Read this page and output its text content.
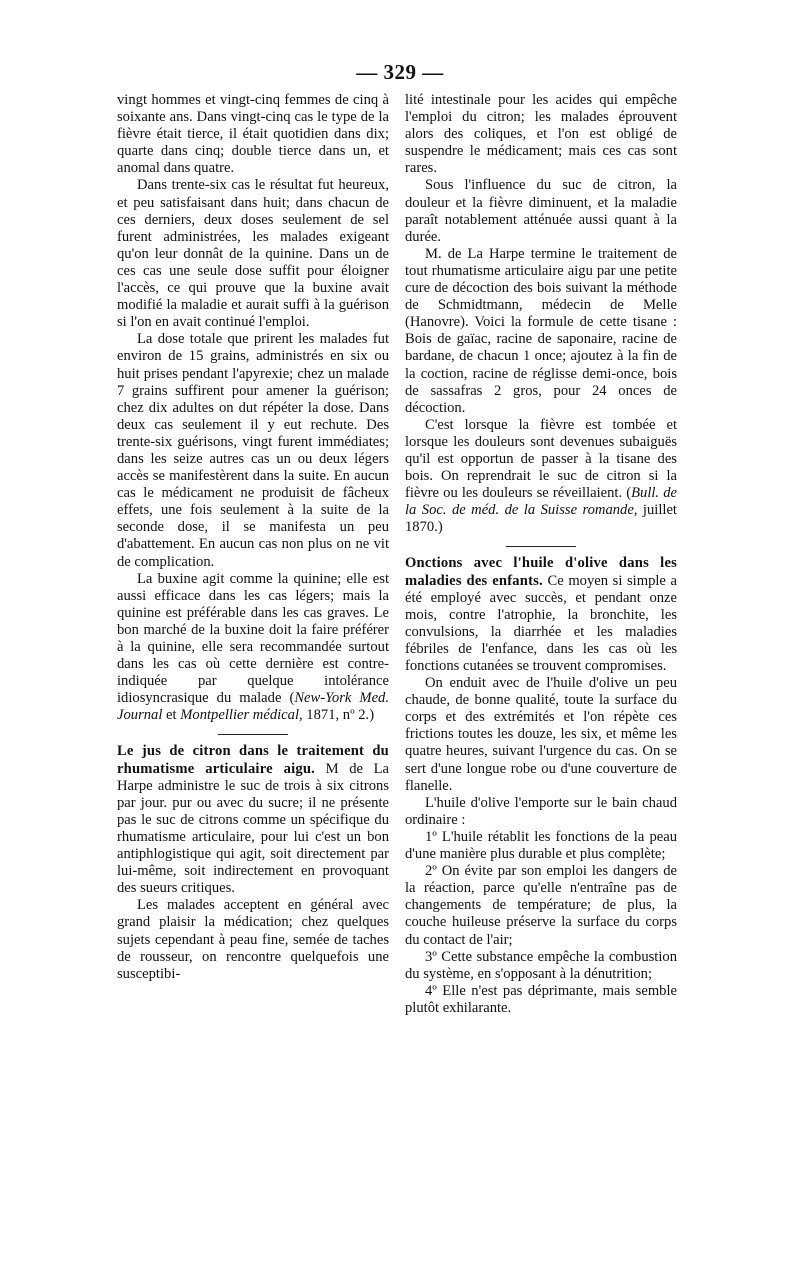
— 329 —

vingt hommes et vingt-cinq femmes de cinq à soixante ans. Dans vingt-cinq cas le type de la fièvre était tierce, il était quotidien dans dix; quarte dans cinq; double tierce dans un, et anomal dans quatre.

Dans trente-six cas le résultat fut heureux, et peu satisfaisant dans huit; dans chacun de ces derniers, deux doses seulement de sel furent administrées, les malades exigeant qu'on leur donnât de la quinine. Dans un de ces cas une seule dose suffit pour éloigner l'accès, ce qui prouve que la buxine avait modifié la maladie et aurait suffi à la guérison si l'on en avait continué l'emploi.

La dose totale que prirent les malades fut environ de 15 grains, administrés en six ou huit prises pendant l'apyrexie; chez un malade 7 grains suffirent pour amener la guérison; chez dix adultes on dut répéter la dose. Dans deux cas seulement il y eut rechute. Des trente-six guérisons, vingt furent immédiates; dans les seize autres cas un ou deux légers accès se manifestèrent dans la suite. En aucun cas le médicament ne produisit de fâcheux effets, une fois seulement à la suite de la seconde dose, il se manifesta un peu d'abattement. En aucun cas non plus on ne vit de complication.

La buxine agit comme la quinine; elle est aussi efficace dans les cas légers; mais la quinine est préférable dans les cas graves. Le bon marché de la buxine doit la faire préférer à la quinine, elle sera recommandée surtout dans les cas où cette dernière est contre-indiquée par quelque intolérance idiosyncrasique du malade (New-York Med. Journal et Montpellier médical, 1871, nº 2.)

Le jus de citron dans le traitement du rhumatisme articulaire aigu. M de La Harpe administre le suc de trois à six citrons par jour. pur ou avec du sucre; il ne présente pas le suc de citrons comme un spécifique du rhumatisme articulaire, pour lui c'est un bon antiphlogistique qui agit, soit directement par lui-même, soit indirectement en provoquant des sueurs critiques.

Les malades acceptent en général avec grand plaisir la médication; chez quelques sujets cependant à peau fine, semée de taches de rousseur, on rencontre quelquefois une susceptibi-

lité intestinale pour les acides qui empêche l'emploi du citron; les malades éprouvent alors des coliques, et l'on est obligé de suspendre le médicament; mais ces cas sont rares.

Sous l'influence du suc de citron, la douleur et la fièvre diminuent, et la maladie paraît notablement atténuée aussi quant à la durée.

M. de La Harpe termine le traitement de tout rhumatisme articulaire aigu par une petite cure de décoction des bois suivant la méthode de Schmidtmann, médecin de Melle (Hanovre). Voici la formule de cette tisane : Bois de gaïac, racine de saponaire, racine de bardane, de chacun 1 once; ajoutez à la fin de la coction, racine de réglisse demi-once, bois de sassafras 2 gros, pour 24 onces de décoction.

C'est lorsque la fièvre est tombée et lorsque les douleurs sont devenues subaiguës qu'il est opportun de passer à la tisane des bois. On reprendrait le suc de citron si la fièvre ou les douleurs se réveillaient. (Bull. de la Soc. de méd. de la Suisse romande, juillet 1870.)

Onctions avec l'huile d'olive dans les maladies des enfants. Ce moyen si simple a été employé avec succès, et pendant onze mois, contre l'atrophie, la bronchite, les convulsions, la diarrhée et les maladies fébriles de l'enfance, dans les cas où les fonctions cutanées se trouvent compromises.

On enduit avec de l'huile d'olive un peu chaude, de bonne qualité, toute la surface du corps et des extrémités et l'on répète ces frictions toutes les douze, les six, et même les quatre heures, suivant l'urgence du cas. On se sert d'une longue robe ou d'une couverture de flanelle.

L'huile d'olive l'emporte sur le bain chaud ordinaire :

1º L'huile rétablit les fonctions de la peau d'une manière plus durable et plus complète;

2º On évite par son emploi les dangers de la réaction, parce qu'elle n'entraîne pas de changements de température; de plus, la couche huileuse préserve la surface du corps du contact de l'air;

3º Cette substance empêche la combustion du système, en s'opposant à la dénutrition;

4º Elle n'est pas déprimante, mais semble plutôt exhilarante.
